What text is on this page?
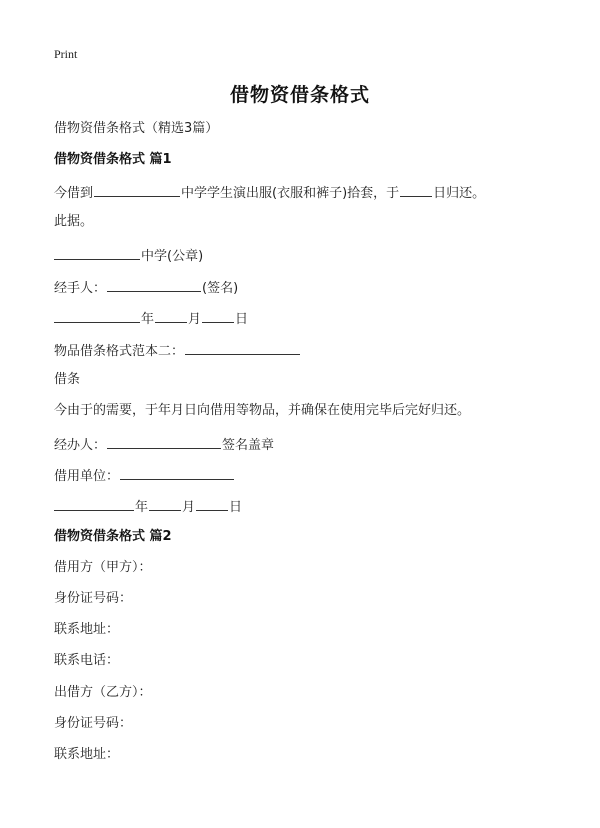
Print
借物资借条格式
借物资借条格式（精选3篇）
借物资借条格式 篇1
今借到	中学学生演出服(衣服和裤子)拾套，于	日归还。
此据。
中学(公章)
经手人：	(签名)
年	月	日
物品借条格式范本二：
借条
今由于的需要，于年月日向借用等物品，并确保在使用完毕后完好归还。
经办人：	签名盖章
借用单位：
年	月	日
借物资借条格式 篇2
借用方（甲方）：
身份证号码：
联系地址：
联系电话：
出借方（乙方）：
身份证号码：
联系地址：
